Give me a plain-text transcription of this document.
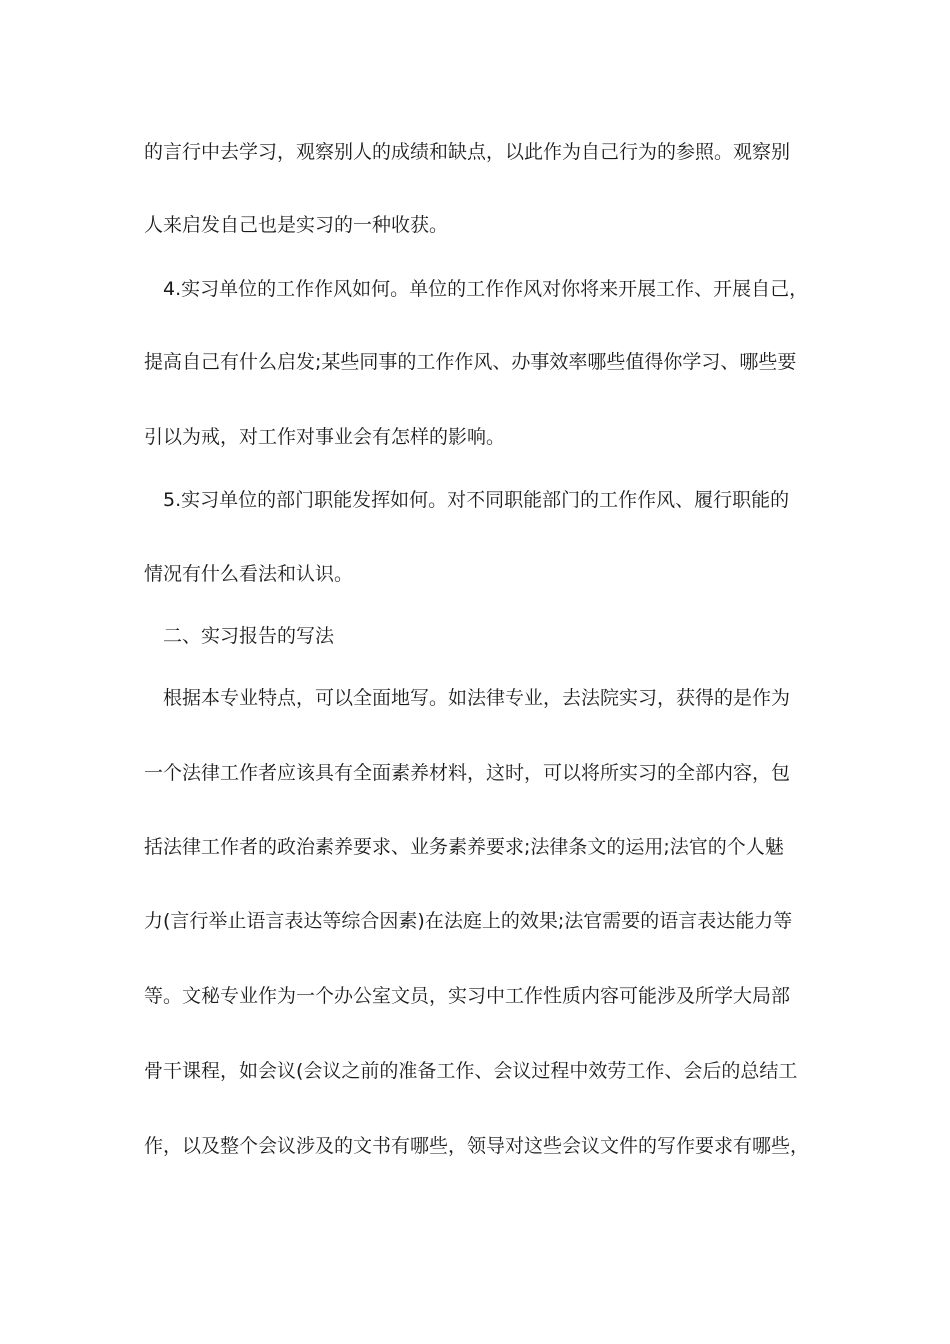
的言行中去学习，观察别人的成绩和缺点，以此作为自己行为的参照。观察别
人来启发自己也是实习的一种收获。
4.实习单位的工作作风如何。单位的工作作风对你将来开展工作、开展自己，
提高自己有什么启发;某些同事的工作作风、办事效率哪些值得你学习、哪些要
引以为戒，对工作对事业会有怎样的影响。
5.实习单位的部门职能发挥如何。对不同职能部门的工作作风、履行职能的
情况有什么看法和认识。
二、实习报告的写法
根据本专业特点，可以全面地写。如法律专业，去法院实习，获得的是作为
一个法律工作者应该具有全面素养材料，这时，可以将所实习的全部内容，包
括法律工作者的政治素养要求、业务素养要求;法律条文的运用;法官的个人魅
力(言行举止语言表达等综合因素)在法庭上的效果;法官需要的语言表达能力等
等。文秘专业作为一个办公室文员，实习中工作性质内容可能涉及所学大局部
骨干课程，如会议(会议之前的准备工作、会议过程中效劳工作、会后的总结工
作，以及整个会议涉及的文书有哪些，领导对这些会议文件的写作要求有哪些，
